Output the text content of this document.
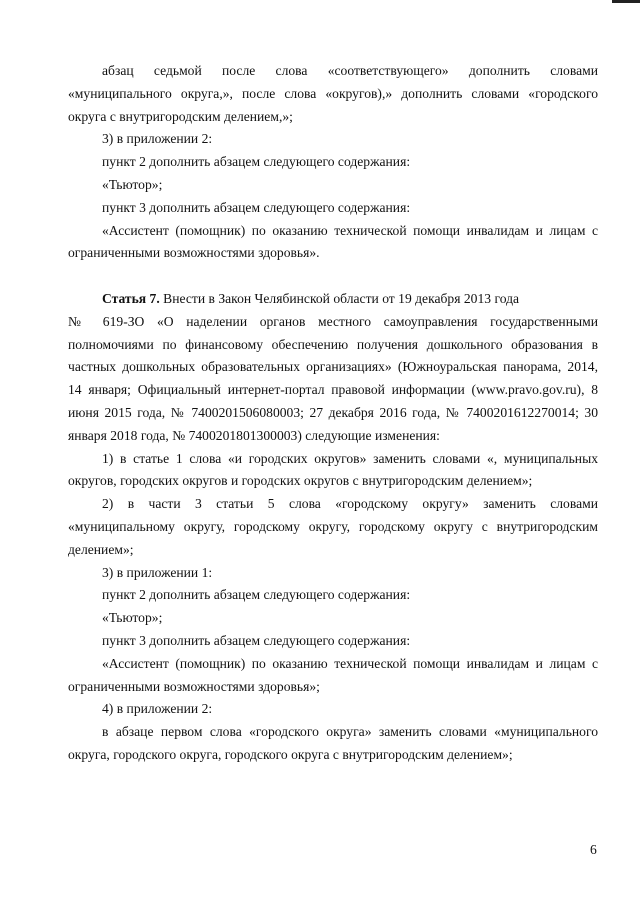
абзац седьмой после слова «соответствующего» дополнить словами «муниципального округа,», после слова «округов),» дополнить словами «городского округа с внутригородским делением,»;

3) в приложении 2:

пункт 2 дополнить абзацем следующего содержания:

«Тьютор»;

пункт 3 дополнить абзацем следующего содержания:

«Ассистент (помощник) по оказанию технической помощи инвалидам и лицам с ограниченными возможностями здоровья».

Статья 7. Внести в Закон Челябинской области от 19 декабря 2013 года

№ 619-ЗО «О наделении органов местного самоуправления государственными полномочиями по финансовому обеспечению получения дошкольного образования в частных дошкольных образовательных организациях» (Южноуральская панорама, 2014, 14 января; Официальный интернет-портал правовой информации (www.pravo.gov.ru), 8 июня 2015 года, № 7400201506080003; 27 декабря 2016 года, № 7400201612270014; 30 января 2018 года, № 7400201801300003) следующие изменения:

1) в статье 1 слова «и городских округов» заменить словами «, муниципальных округов, городских округов и городских округов с внутригородским делением»;

2) в части 3 статьи 5 слова «городскому округу» заменить словами «муниципальному округу, городскому округу, городскому округу с внутригородским делением»;

3) в приложении 1:

пункт 2 дополнить абзацем следующего содержания:

«Тьютор»;

пункт 3 дополнить абзацем следующего содержания:

«Ассистент (помощник) по оказанию технической помощи инвалидам и лицам с ограниченными возможностями здоровья»;

4) в приложении 2:

в абзаце первом слова «городского округа» заменить словами «муниципального округа, городского округа, городского округа с внутригородским делением»;

6
